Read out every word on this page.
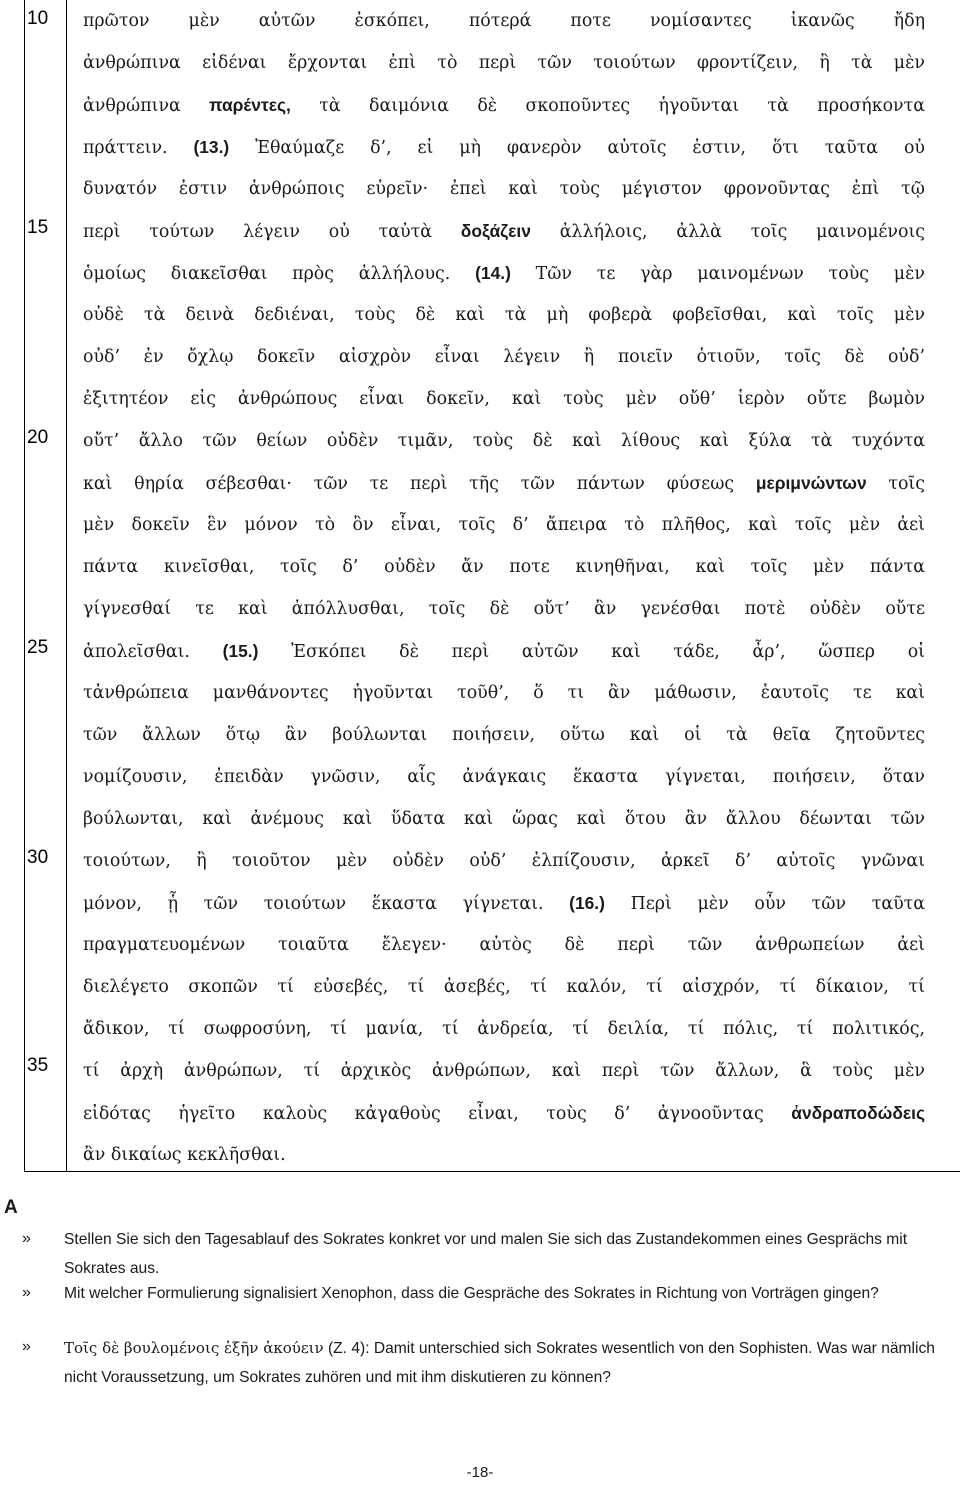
10
15
20
25
30
35
πρῶτον μὲν αὐτῶν ἐσκόπει, πότερά ποτε νομίσαντες ἱκανῶς ἤδη
ἀνθρώπινα εἰδέναι ἔρχονται ἐπὶ τὸ περὶ τῶν τοιούτων φροντίζειν, ἢ τὰ μὲν
ἀνθρώπινα παρέντες, τὰ δαιμόνια δὲ σκοποῦντες ἡγοῦνται τὰ προσήκοντα
πράττειν. (13.) Ἐθαύμαζε δ’, εἰ μὴ φανερὸν αὐτοῖς ἐστιν, ὅτι ταῦτα οὐ
δυνατόν ἐστιν ἀνθρώποις εὑρεῖν· ἐπεὶ καὶ τοὺς μέγιστον φρονοῦντας ἐπὶ τῷ
περὶ τούτων λέγειν οὐ ταὐτὰ δοξάζειν ἀλλήλοις, ἀλλὰ τοῖς μαινομένοις
ὁμοίως διακεῖσθαι πρὸς ἀλλήλους. (14.) Τῶν τε γὰρ μαινομένων τοὺς μὲν
οὐδὲ τὰ δεινὰ δεδιέναι, τοὺς δὲ καὶ τὰ μὴ φοβερὰ φοβεῖσθαι, καὶ τοῖς μὲν
οὐδ’ ἐν ὄχλῳ δοκεῖν αἰσχρὸν εἶναι λέγειν ἢ ποιεῖν ὁτιοῦν, τοῖς δὲ οὐδ’
ἐξιτητέον εἰς ἀνθρώπους εἶναι δοκεῖν, καὶ τοὺς μὲν οὔθ’ ἱερὸν οὔτε βωμὸν
οὔτ’ ἄλλο τῶν θείων οὐδὲν τιμᾶν, τοὺς δὲ καὶ λίθους καὶ ξύλα τὰ τυχόντα
καὶ θηρία σέβεσθαι· τῶν τε περὶ τῆς τῶν πάντων φύσεως μεριμνώντων τοῖς
μὲν δοκεῖν ἓν μόνον τὸ ὂν εἶναι, τοῖς δ’ ἄπειρα τὸ πλῆθος, καὶ τοῖς μὲν ἀεὶ
πάντα κινεῖσθαι, τοῖς δ’ οὐδὲν ἄν ποτε κινηθῆναι, καὶ τοῖς μὲν πάντα
γίγνεσθαί τε καὶ ἀπόλλυσθαι, τοῖς δὲ οὔτ’ ἂν γενέσθαι ποτὲ οὐδὲν οὔτε
ἀπολεῖσθαι. (15.) Ἐσκόπει δὲ περὶ αὐτῶν καὶ τάδε, ἆρ’, ὥσπερ οἱ
τἀνθρώπεια μανθάνοντες ἡγοῦνται τοῦθ’, ὅ τι ἂν μάθωσιν, ἑαυτοῖς τε καὶ
τῶν ἄλλων ὅτῳ ἂν βούλωνται ποιήσειν, οὕτω καὶ οἱ τὰ θεῖα ζητοῦντες
νομίζουσιν, ἐπειδὰν γνῶσιν, αἷς ἀνάγκαις ἕκαστα γίγνεται, ποιήσειν, ὅταν
βούλωνται, καὶ ἀνέμους καὶ ὕδατα καὶ ὥρας καὶ ὅτου ἂν ἄλλου δέωνται τῶν
τοιούτων, ἢ τοιοῦτον μὲν οὐδὲν οὐδ’ ἐλπίζουσιν, ἀρκεῖ δ’ αὐτοῖς γνῶναι
μόνον, ᾗ τῶν τοιούτων ἕκαστα γίγνεται. (16.) Περὶ μὲν οὖν τῶν ταῦτα
πραγματευομένων τοιαῦτα ἔλεγεν· αὐτὸς δὲ περὶ τῶν ἀνθρωπείων ἀεὶ
διελέγετο σκοπῶν τί εὐσεβές, τί ἀσεβές, τί καλόν, τί αἰσχρόν, τί δίκαιον, τί
ἄδικον, τί σωφροσύνη, τί μανία, τί ἀνδρεία, τί δειλία, τί πόλις, τί πολιτικός,
τί ἀρχὴ ἀνθρώπων, τί ἀρχικὸς ἀνθρώπων, καὶ περὶ τῶν ἄλλων, ἃ τοὺς μὲν
εἰδότας ἡγεῖτο καλοὺς κἀγαθοὺς εἶναι, τοὺς δ’ ἀγνοοῦντας ἀνδραποδώδεις
ἂν δικαίως κεκλῆσθαι.
A
» Stellen Sie sich den Tagesablauf des Sokrates konkret vor und malen Sie sich das Zustandekommen eines Gesprächs mit Sokrates aus.
» Mit welcher Formulierung signalisiert Xenophon, dass die Gespräche des Sokrates in Richtung von Vorträgen gingen?
» Τοῖς δὲ βουλομένοις ἐξῆν ἀκούειν (Z. 4): Damit unterschied sich Sokrates wesentlich von den Sophisten. Was war nämlich nicht Voraussetzung, um Sokrates zuhören und mit ihm diskutieren zu können?
-18-
